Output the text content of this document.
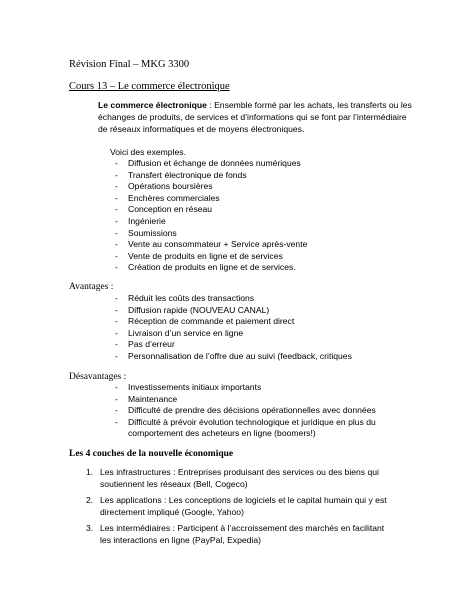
Révision Final – MKG 3300
Cours 13 – Le commerce électronique
Le commerce électronique : Ensemble formé par les achats, les transferts ou les échanges de produits, de services et d’informations qui se font par l’intermédiaire de réseaux informatiques et de moyens électroniques.
Voici des exemples.
- Diffusion et échange de données numériques
- Transfert électronique de fonds
- Opérations boursières
- Enchères commerciales
- Conception en réseau
- Ingénierie
- Soumissions
- Vente au consommateur + Service après-vente
- Vente de produits en ligne et de services
- Création de produits en ligne et de services.
Avantages :
- Réduit les coûts des transactions
- Diffusion rapide (NOUVEAU CANAL)
- Réception de commande et paiement direct
- Livraison d’un service en ligne
- Pas d’erreur
- Personnalisation de l’offre due au suivi (feedback, critiques
Désavantages :
- Investissements initiaux importants
- Maintenance
- Difficulté de prendre des décisions opérationnelles avec données
- Difficulté à prévoir évolution technologique et juridique en plus du comportement des acheteurs en ligne (boomers!)
Les 4 couches de la nouvelle économique
1. Les infrastructures : Entreprises produisant des services ou des biens qui soutiennent les réseaux (Bell, Cogeco)
2. Les applications : Les conceptions de logiciels et le capital humain qui y est directement impliqué (Google, Yahoo)
3. Les intermédiaires : Participent à l’accroissement des marchés en facilitant les interactions en ligne (PayPal, Expedia)
